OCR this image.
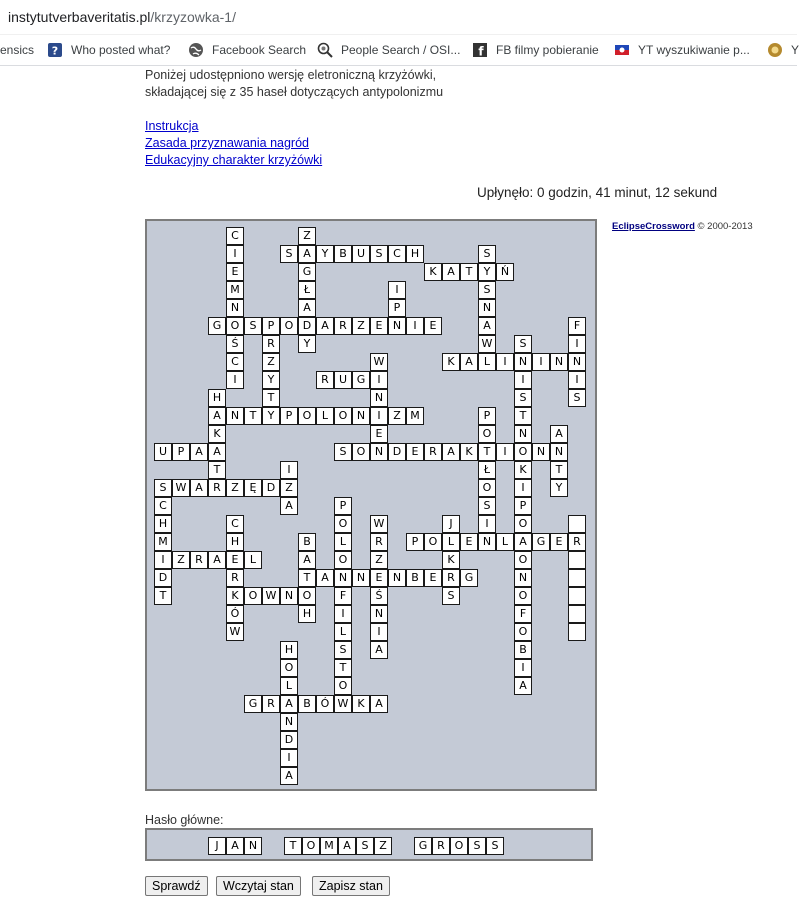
instytutverbaveritatis.pl/krzyzowka-1/
ensics ? Who posted what?	Facebook Search	People Search / OSI... f FB filmy pobieranie	YT wyszukiwanie p...	Y
Poniżej udostępniono wersję eletroniczną krzyżówki,
składającej się z 35 haseł dotyczących antypolonizmu
Instrukcja
Zasada przyznawania nagród
Edukacyjny charakter krzyżówki
Upłynęło: 0 godzin, 41 minut, 12 sekund
S A Y B U S C H
K A T	Y Ń
G O S	P O D A R Z E N	I	E
K A	L	I	N	I	N
R U G	I
A N T	Y	P O L O N	I	Z M
U P A	S O N D E R A K	T	I	O N
S W A R Z Ę D Z
P O L	E N L	A G E R
I	Z R A E	L
T A N N E N B E R G
K O W N O
G R A B Ó W K A
C
I
E
M
N
Ś
C
I
Z
G
Ł
A
Y
I
P
S
S
N
A
W
F
I
N
I
S
R
Z
Y
T
S
I
S
T
N
K
I
W
N
E
H
K
A
T
P
O
Ł
O
S
I
A
N
T
Y
I
A
C
H
M
D
T
P
O
L
O
F
I
L
S
T
O
P
O
O
N
O
F
O
B
I
A
C
H
R
Ó
W
W
R
Z
Ś
N
I
A
J
K
S
B
A
H
H
O
L
N
D
I
A
EclipseCrossword © 2000-2013
Hasło główne:
J	A N	T O M A S Z	G R O S	S
Sprawdź	Wczytaj stan	Zapisz stan
